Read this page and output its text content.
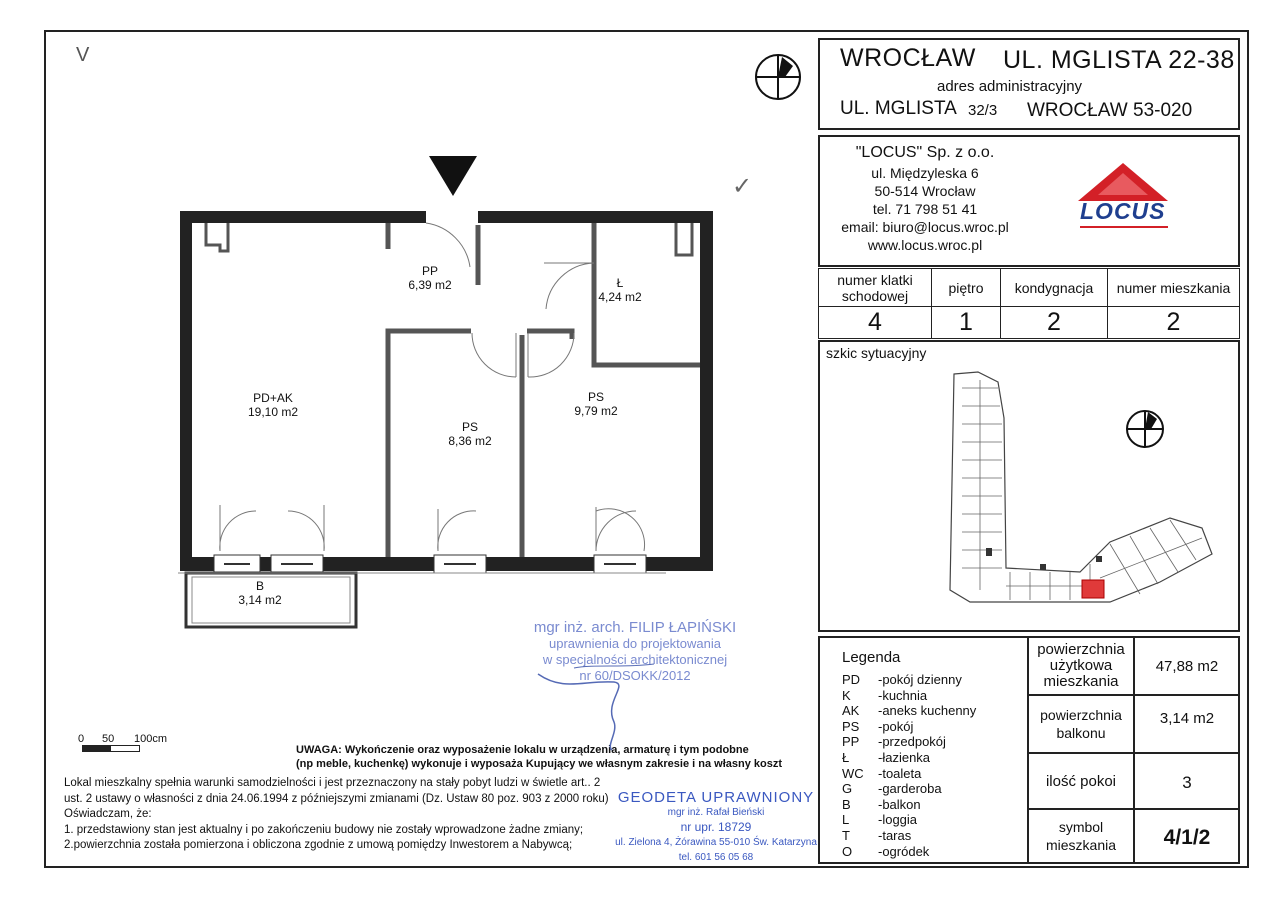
V
✓
PP
6,39 m2	Ł
4,24 m2
PD+AK
19,10 m2
PS
8,36 m2
PS
9,79 m2
B
3,14 m2
WROCŁAW UL. MGLISTA 22-38
adres administracyjny
UL. MGLISTA 32/3 WROCŁAW 53-020
"LOCUS" Sp. z o.o.
ul. Międzyleska 6
50-514 Wrocław
tel. 71 798 51 41
email: biuro@locus.wroc.pl
www.locus.wroc.pl
LOCUS
numer klatki schodowej	piętro	kondygnacja	numer mieszkania
4	1	2	2
szkic sytuacyjny
Legenda
PD	-pokój dzienny
K	-kuchnia
AK	-aneks kuchenny
PS	-pokój
PP	-przedpokój
Ł	-łazienka
WC	-toaleta
G	-garderoba
B	-balkon
L	-loggia
T	-taras
O	-ogródek
powierzchnia użytkowa mieszkania
47,88 m2
powierzchnia balkonu
3,14 m2
ilość pokoi	3
symbol mieszkania	4/1/2
0 50 100cm
UWAGA: Wykończenie oraz wyposażenie lokalu w urządzenia, armaturę i tym podobne
(np meble, kuchenkę) wykonuje i wyposaża Kupujący we własnym zakresie i na własny koszt
Lokal mieszkalny spełnia warunki samodzielności i jest przeznaczony na stały pobyt ludzi w świetle art.. 2
ust. 2 ustawy o własności z dnia 24.06.1994 z późniejszymi zmianami (Dz. Ustaw 80 poz. 903 z 2000 roku)
Oświadczam, że:
1. przedstawiony stan jest aktualny i po zakończeniu budowy nie zostały wprowadzone żadne zmiany;
2.powierzchnia została pomierzona i obliczona zgodnie z umową pomiędzy Inwestorem a Nabywcą;
mgr inż. arch. FILIP ŁAPIŃSKI
uprawnienia do projektowania
w specjalności architektonicznej
nr 60/DSOKK/2012
GEODETA UPRAWNIONY
mgr inż. Rafał Bieński
nr upr. 18729
ul. Zielona 4, Żórawina 55-010 Św. Katarzyna
tel. 601 56 05 68
